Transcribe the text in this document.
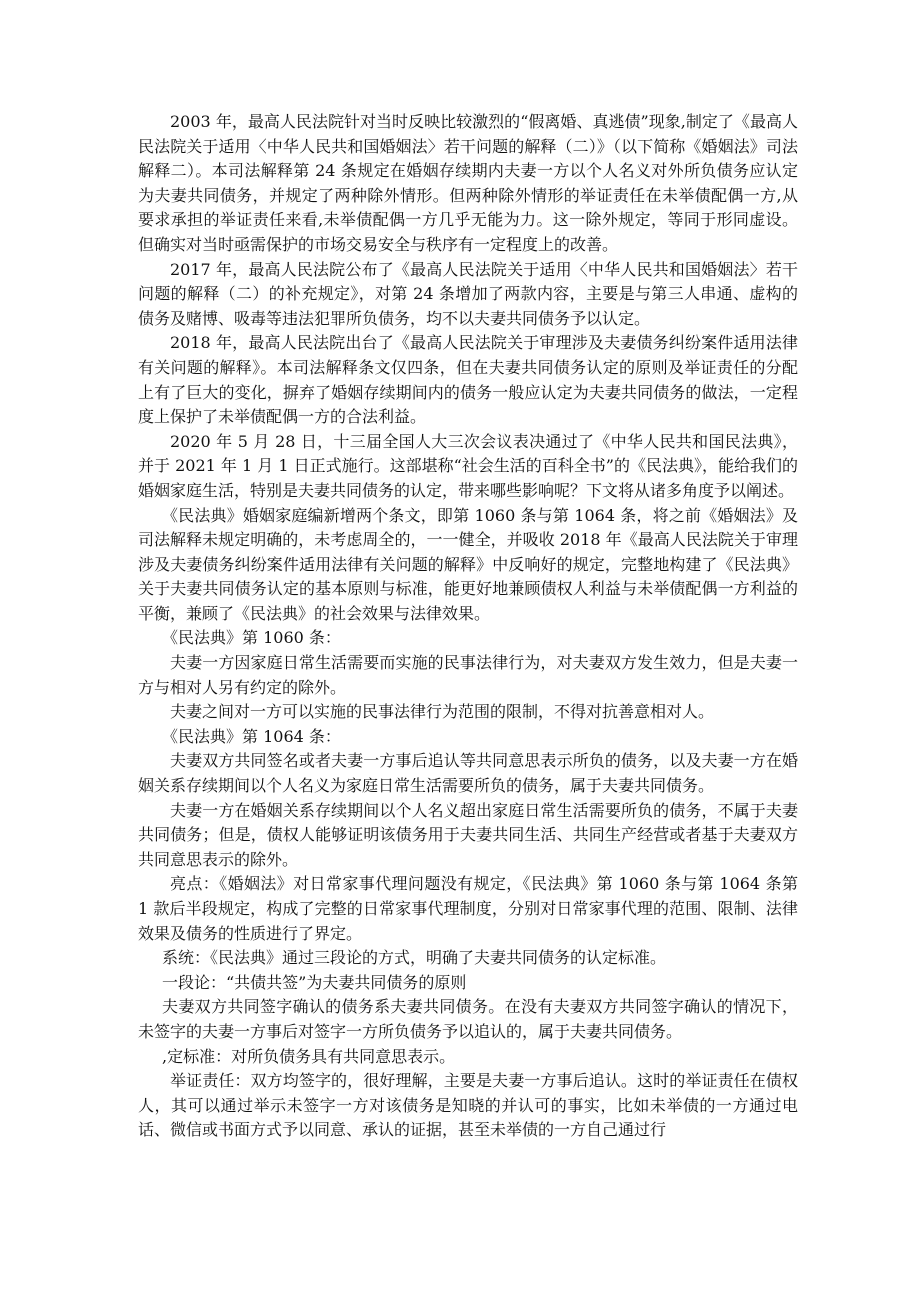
2003 年，最高人民法院针对当时反映比较激烈的“假离婚、真逃债”现象,制定了《最高人民法院关于适用〈中华人民共和国婚姻法〉若干问题的解释（二）》（以下简称《婚姻法》司法解释二）。本司法解释第 24 条规定在婚姻存续期内夫妻一方以个人名义对外所负债务应认定为夫妻共同债务，并规定了两种除外情形。但两种除外情形的举证责任在未举债配偶一方,从要求承担的举证责任来看,未举债配偶一方几乎无能为力。这一除外规定，等同于形同虚设。但确实对当时亟需保护的市场交易安全与秩序有一定程度上的改善。

2017 年，最高人民法院公布了《最高人民法院关于适用〈中华人民共和国婚姻法〉若干问题的解释（二）的补充规定》，对第 24 条增加了两款内容，主要是与第三人串通、虚构的债务及赌博、吸毒等违法犯罪所负债务，均不以夫妻共同债务予以认定。

2018 年，最高人民法院出台了《最高人民法院关于审理涉及夫妻债务纠纷案件适用法律有关问题的解释》。本司法解释条文仅四条，但在夫妻共同债务认定的原则及举证责任的分配上有了巨大的变化，摒弃了婚姻存续期间内的债务一般应认定为夫妻共同债务的做法，一定程度上保护了未举债配偶一方的合法利益。

2020 年 5 月 28 日，十三届全国人大三次会议表决通过了《中华人民共和国民法典》，并于 2021 年 1 月 1 日正式施行。这部堪称“社会生活的百科全书”的《民法典》，能给我们的婚姻家庭生活，特别是夫妻共同债务的认定，带来哪些影响呢？下文将从诸多角度予以阐述。

《民法典》婚姻家庭编新增两个条文，即第 1060 条与第 1064 条，将之前《婚姻法》及司法解释未规定明确的，未考虑周全的，一一健全，并吸收 2018 年《最高人民法院关于审理涉及夫妻债务纠纷案件适用法律有关问题的解释》中反响好的规定，完整地构建了《民法典》关于夫妻共同债务认定的基本原则与标准，能更好地兼顾债权人利益与未举债配偶一方利益的平衡，兼顾了《民法典》的社会效果与法律效果。

《民法典》第 1060 条：

夫妻一方因家庭日常生活需要而实施的民事法律行为，对夫妻双方发生效力，但是夫妻一方与相对人另有约定的除外。

夫妻之间对一方可以实施的民事法律行为范围的限制，不得对抗善意相对人。

《民法典》第 1064 条：

夫妻双方共同签名或者夫妻一方事后追认等共同意思表示所负的债务，以及夫妻一方在婚姻关系存续期间以个人名义为家庭日常生活需要所负的债务，属于夫妻共同债务。

夫妻一方在婚姻关系存续期间以个人名义超出家庭日常生活需要所负的债务，不属于夫妻共同债务；但是，债权人能够证明该债务用于夫妻共同生活、共同生产经营或者基于夫妻双方共同意思表示的除外。

亮点：《婚姻法》对日常家事代理问题没有规定，《民法典》第 1060 条与第 1064 条第 1 款后半段规定，构成了完整的日常家事代理制度，分别对日常家事代理的范围、限制、法律效果及债务的性质进行了界定。

系统：《民法典》通过三段论的方式，明确了夫妻共同债务的认定标准。

一段论：“共债共签”为夫妻共同债务的原则

夫妻双方共同签字确认的债务系夫妻共同债务。在没有夫妻双方共同签字确认的情况下，未签字的夫妻一方事后对签字一方所负债务予以追认的，属于夫妻共同债务。

,定标准：对所负债务具有共同意思表示。

举证责任：双方均签字的，很好理解，主要是夫妻一方事后追认。这时的举证责任在债权人，其可以通过举示未签字一方对该债务是知晓的并认可的事实，比如未举债的一方通过电话、微信或书面方式予以同意、承认的证据，甚至未举债的一方自己通过行
